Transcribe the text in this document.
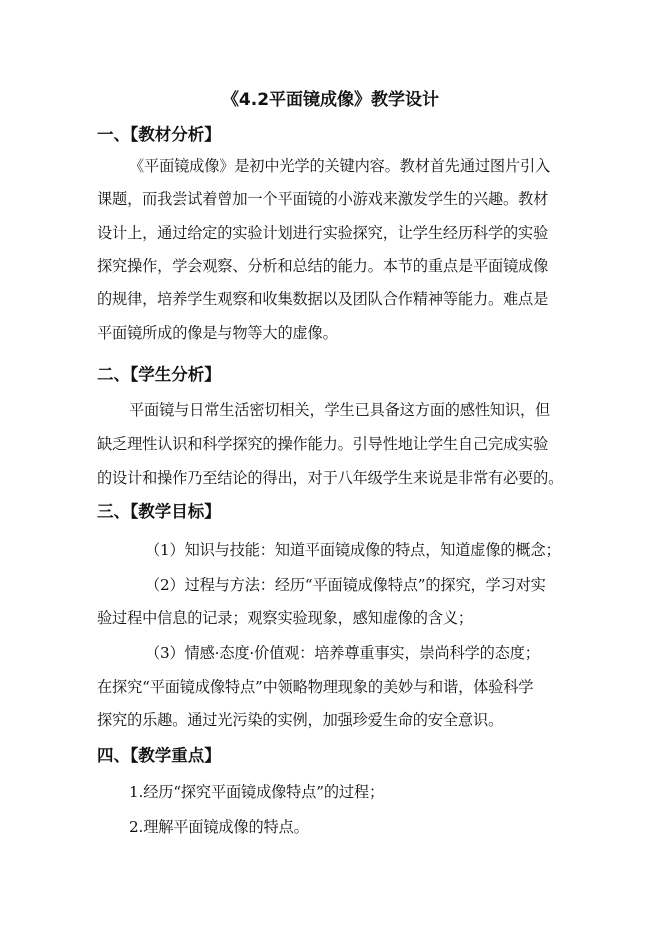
《4.2平面镜成像》教学设计
一、【教材分析】
《平面镜成像》是初中光学的关键内容。教材首先通过图片引入
课题，而我尝试着曾加一个平面镜的小游戏来激发学生的兴趣。教材
设计上，通过给定的实验计划进行实验探究，让学生经历科学的实验
探究操作，学会观察、分析和总结的能力。本节的重点是平面镜成像
的规律，培养学生观察和收集数据以及团队合作精神等能力。难点是
平面镜所成的像是与物等大的虚像。
二、【学生分析】
平面镜与日常生活密切相关，学生已具备这方面的感性知识，但
缺乏理性认识和科学探究的操作能力。引导性地让学生自己完成实验
的设计和操作乃至结论的得出，对于八年级学生来说是非常有必要的。
三、【教学目标】
（1）知识与技能：知道平面镜成像的特点，知道虚像的概念；
（2）过程与方法：经历“平面镜成像特点”的探究，学习对实
验过程中信息的记录；观察实验现象，感知虚像的含义；
（3）情感·态度·价值观：培养尊重事实，崇尚科学的态度；
在探究“平面镜成像特点”中领略物理现象的美妙与和谐，体验科学
探究的乐趣。通过光污染的实例，加强珍爱生命的安全意识。
四、【教学重点】
1.经历“探究平面镜成像特点”的过程；
2.理解平面镜成像的特点。
